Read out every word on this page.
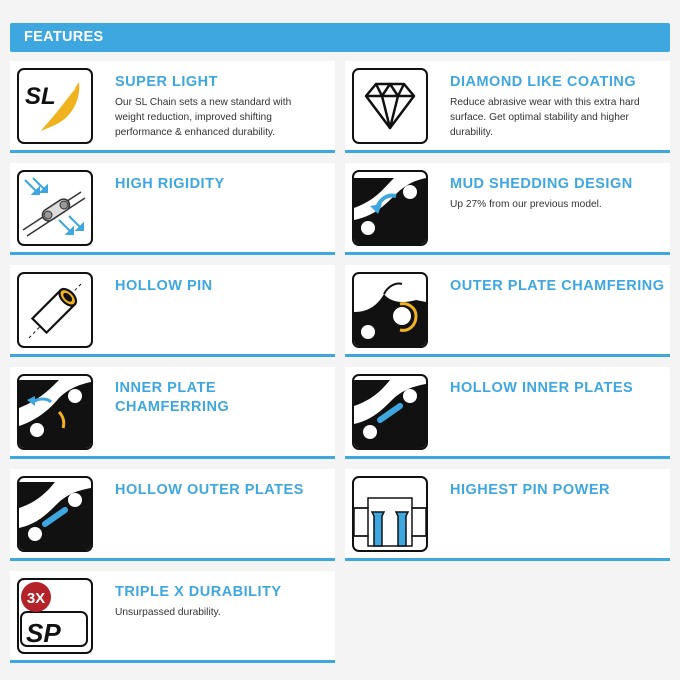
FEATURES
SL
SUPER LIGHT
Our SL Chain sets a new standard with weight reduction, improved shifting performance & enhanced durability.
DIAMOND LIKE COATING
Reduce abrasive wear with this extra hard surface. Get optimal stability and higher durability.
HIGH RIGIDITY	MUD SHEDDING DESIGN
Up 27% from our previous model.
HOLLOW PIN	OUTER PLATE CHAMFERING
INNER PLATE CHAMFERRING
HOLLOW INNER PLATES
HOLLOW OUTER PLATES	HIGHEST PIN POWER
SP
3X	TRIPLE X DURABILITY
Unsurpassed durability.
